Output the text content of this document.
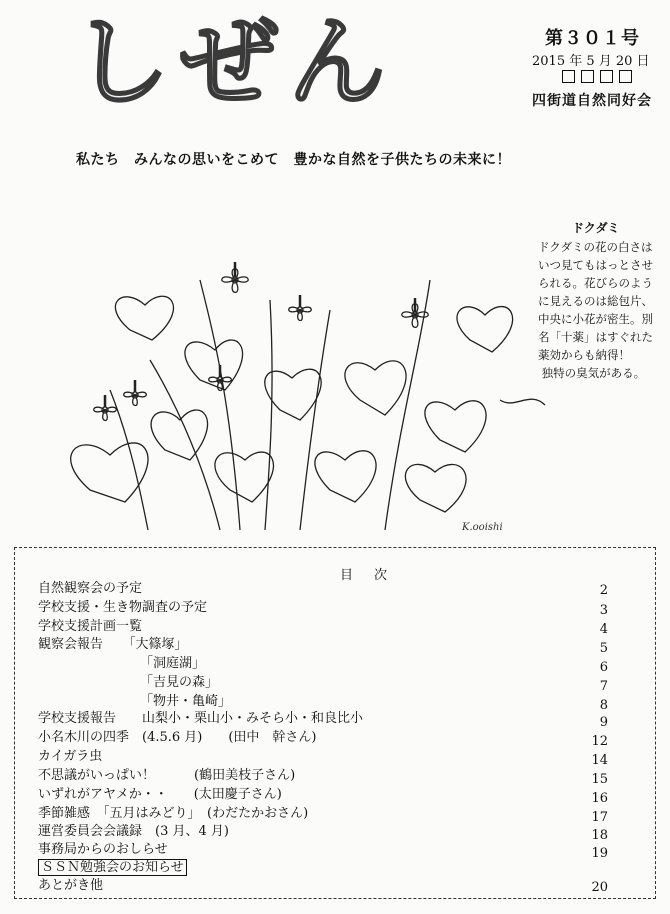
しぜん	第３０１号
2015 年 5 月 20 日
四街道自然同好会
私たち　みんなの思いをこめて　豊かな自然を子供たちの未来に！
ドクダミ
ドクダミの花の白さは
いつ見てもはっとさせ
られる。花びらのよう
に見えるのは総包片、
中央に小花が密生。別
名「十薬」はすぐれた
薬効からも納得！
独特の臭気がある。
K.ooishi
目　次
自然観察会の予定	2
学校支援・生き物調査の予定	3
学校支援計画一覧	4
観察会報告　　「大篠塚」	5
「洞庭湖」	6
「吉見の森」	7
「物井・亀崎」	8
学校支援報告　　山梨小・栗山小・みそら小・和良比小	9
小名木川の四季　(4.5.6 月)　　(田中　幹さん)	12
カイガラ虫	14
不思議がいっぱい！　　　(鶴田美枝子さん)	15
いずれがアヤメか・・　　(太田慶子さん)	16
季節雑感　「五月はみどり」　(わだたかおさん)	17
運営委員会会議録　(3 月、4 月)	18
事務局からのおしらせ	19
ＳＳＮ勉強会のお知らせ
あとがき他	20
